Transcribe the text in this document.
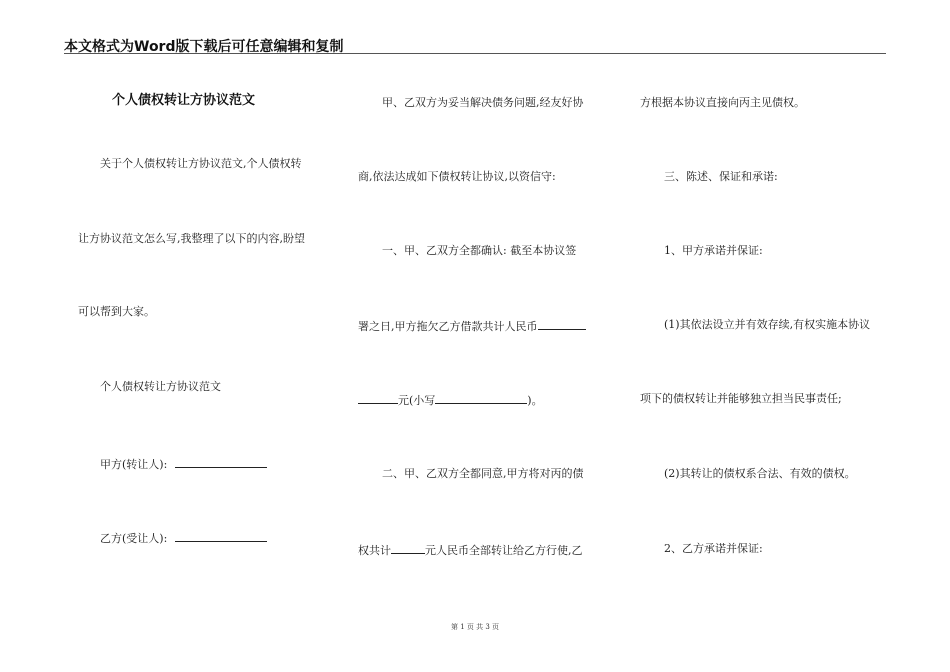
本文格式为Word版下载后可任意编辑和复制
个人债权转让方协议范文
关于个人债权转让方协议范文,个人债权转
让方协议范文怎么写,我整理了以下的内容,盼望
可以帮到大家。
个人债权转让方协议范文
甲方(转让人):
乙方(受让人):
甲、乙双方为妥当解决债务问题,经友好协
商,依法达成如下债权转让协议,以资信守:
一、甲、乙双方全都确认: 截至本协议签
署之日,甲方拖欠乙方借款共计人民币
元(小写	)。
二、甲、乙双方全都同意,甲方将对丙的债
权共计	元人民币全部转让给乙方行使,乙
方根据本协议直接向丙主见债权。
三、陈述、保证和承诺:
1、甲方承诺并保证:
(1)其依法设立并有效存续,有权实施本协议
项下的债权转让并能够独立担当民事责任;
(2)其转让的债权系合法、有效的债权。
2、乙方承诺并保证:
第 1 页 共 3 页
